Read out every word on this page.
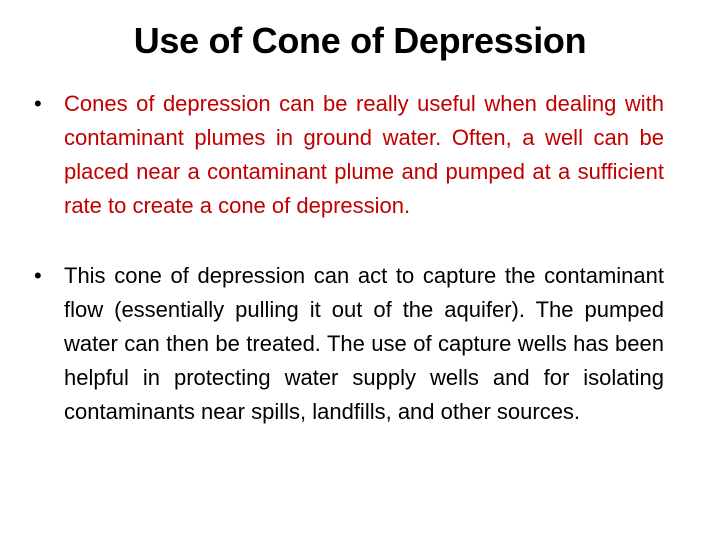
Use of Cone of Depression
• Cones of depression can be really useful when dealing with contaminant plumes in ground water. Often, a well can be placed near a contaminant plume and pumped at a sufficient rate to create a cone of depression.
• This cone of depression can act to capture the contaminant flow (essentially pulling it out of the aquifer). The pumped water can then be treated. The use of capture wells has been helpful in protecting water supply wells and for isolating contaminants near spills, landfills, and other sources.
